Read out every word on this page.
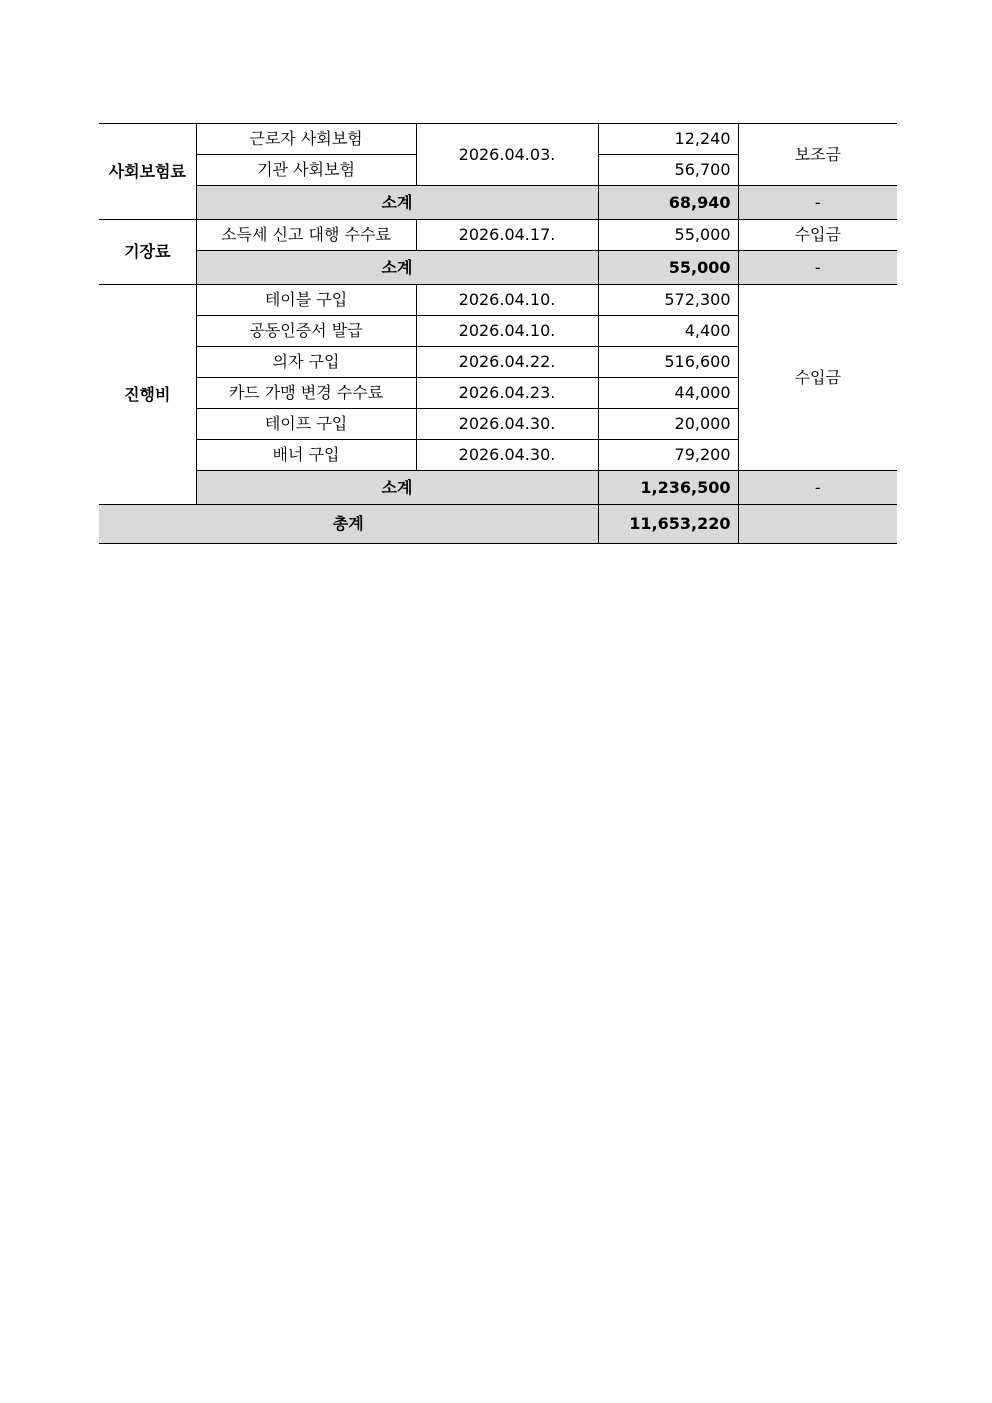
사회보험료	근로자 사회보험	2026.04.03.	12,240	보조금
	기관 사회보험		56,700	
	소계		68,940	-
기장료	소득세 신고 대행 수수료	2026.04.17.	55,000	수입금
	소계		55,000	-
진행비	테이블 구입	2026.04.10.	572,300	수입금
	공동인증서 발급	2026.04.10.	4,400	
	의자 구입	2026.04.22.	516,600	
	카드 가맹 변경 수수료	2026.04.23.	44,000	
	테이프 구입	2026.04.30.	20,000	
	배너 구입	2026.04.30.	79,200	
	소계		1,236,500	-
총계			11,653,220	
